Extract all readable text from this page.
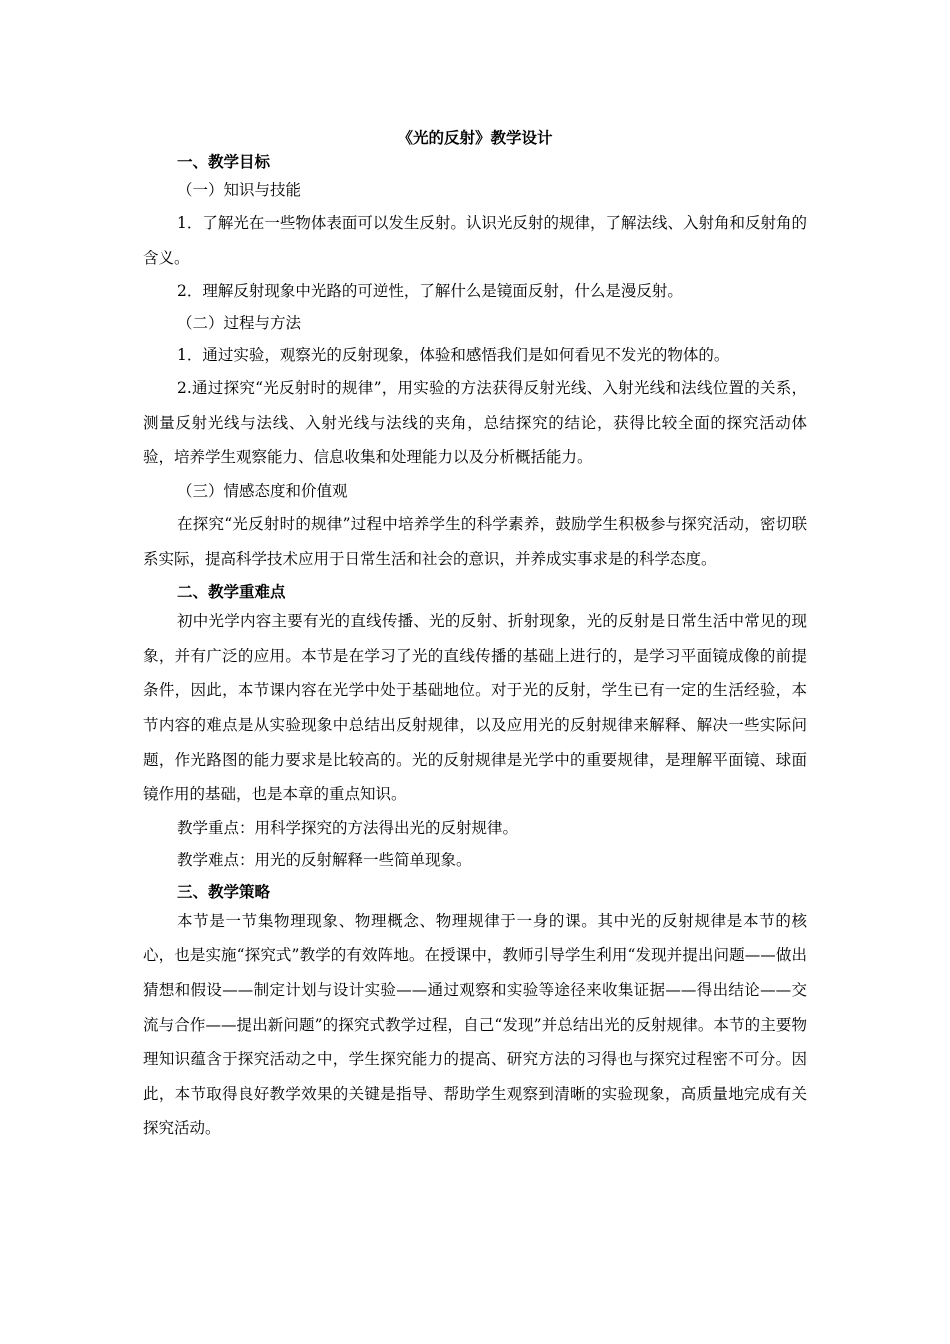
《光的反射》教学设计
一、教学目标
（一）知识与技能

1．了解光在一些物体表面可以发生反射。认识光反射的规律，了解法线、入射角和反射角的含义。

2．理解反射现象中光路的可逆性，了解什么是镜面反射，什么是漫反射。

（二）过程与方法

1．通过实验，观察光的反射现象，体验和感悟我们是如何看见不发光的物体的。

2.通过探究“光反射时的规律”，用实验的方法获得反射光线、入射光线和法线位置的关系，测量反射光线与法线、入射光线与法线的夹角，总结探究的结论，获得比较全面的探究活动体验，培养学生观察能力、信息收集和处理能力以及分析概括能力。

（三）情感态度和价值观

在探究“光反射时的规律”过程中培养学生的科学素养，鼓励学生积极参与探究活动，密切联系实际，提高科学技术应用于日常生活和社会的意识，并养成实事求是的科学态度。

二、教学重难点

初中光学内容主要有光的直线传播、光的反射、折射现象，光的反射是日常生活中常见的现象，并有广泛的应用。本节是在学习了光的直线传播的基础上进行的，是学习平面镜成像的前提条件，因此，本节课内容在光学中处于基础地位。对于光的反射，学生已有一定的生活经验，本节内容的难点是从实验现象中总结出反射规律，以及应用光的反射规律来解释、解决一些实际问题，作光路图的能力要求是比较高的。光的反射规律是光学中的重要规律，是理解平面镜、球面镜作用的基础，也是本章的重点知识。

教学重点：用科学探究的方法得出光的反射规律。

教学难点：用光的反射解释一些简单现象。

三、教学策略

本节是一节集物理现象、物理概念、物理规律于一身的课。其中光的反射规律是本节的核心，也是实施“探究式”教学的有效阵地。在授课中，教师引导学生利用“发现并提出问题——做出猜想和假设——制定计划与设计实验——通过观察和实验等途径来收集证据——得出结论——交流与合作——提出新问题”的探究式教学过程，自己“发现”并总结出光的反射规律。本节的主要物理知识蕴含于探究活动之中，学生探究能力的提高、研究方法的习得也与探究过程密不可分。因此，本节取得良好教学效果的关键是指导、帮助学生观察到清晰的实验现象，高质量地完成有关探究活动。
